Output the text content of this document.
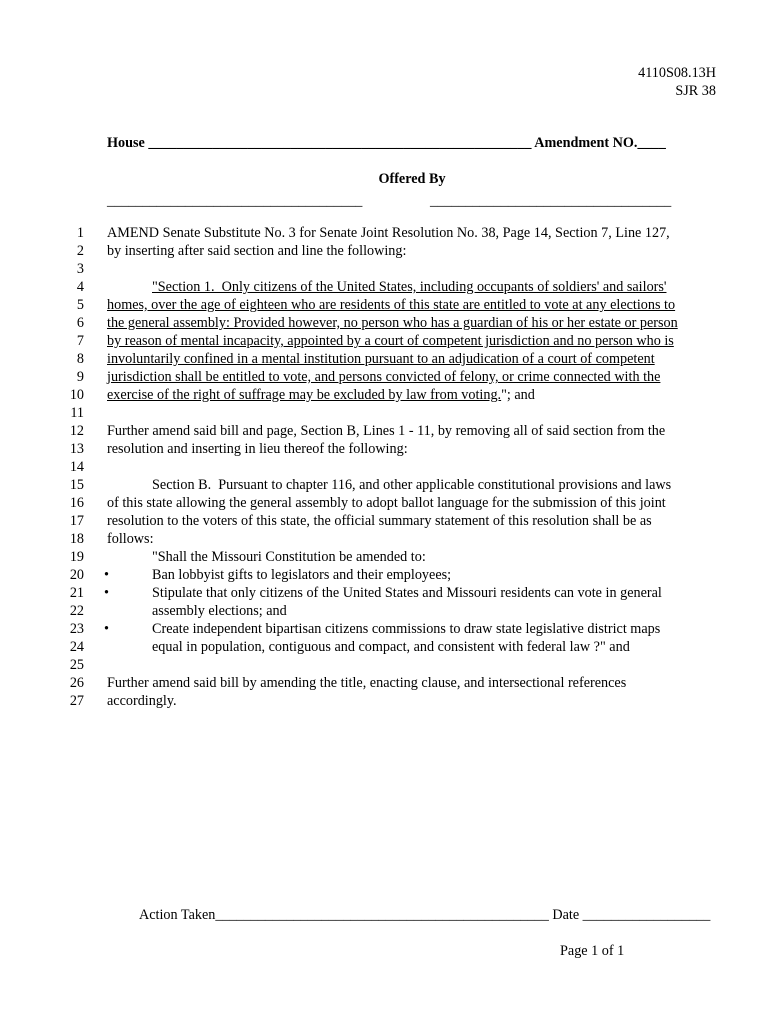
4110S08.13H
SJR 38
House ______________________________________________________ Amendment NO.____
Offered By
____________________________________	__________________________________
1
2
3
4
5
6
7
8
9
10
11
12
13
14
15
16
17
18
19
20
21
22
23
24
25
26
27
AMEND Senate Substitute No. 3 for Senate Joint Resolution No. 38, Page 14, Section 7, Line 127,
by inserting after said section and line the following:
"Section 1.  Only citizens of the United States, including occupants of soldiers' and sailors'
homes, over the age of eighteen who are residents of this state are entitled to vote at any elections to
the general assembly: Provided however, no person who has a guardian of his or her estate or person
by reason of mental incapacity, appointed by a court of competent jurisdiction and no person who is
involuntarily confined in a mental institution pursuant to an adjudication of a court of competent
jurisdiction shall be entitled to vote, and persons convicted of felony, or crime connected with the
exercise of the right of suffrage may be excluded by law from voting."; and
Further amend said bill and page, Section B, Lines 1 - 11, by removing all of said section from the
resolution and inserting in lieu thereof the following:
Section B.  Pursuant to chapter 116, and other applicable constitutional provisions and laws
of this state allowing the general assembly to adopt ballot language for the submission of this joint
resolution to the voters of this state, the official summary statement of this resolution shall be as
follows:
"Shall the Missouri Constitution be amended to:
•	Ban lobbyist gifts to legislators and their employees;
•	Stipulate that only citizens of the United States and Missouri residents can vote in general
assembly elections; and
•	Create independent bipartisan citizens commissions to draw state legislative district maps
equal in population, contiguous and compact, and consistent with federal law ?" and
Further amend said bill by amending the title, enacting clause, and intersectional references
accordingly.
Action Taken_______________________________________________ Date __________________
Page 1 of 1
